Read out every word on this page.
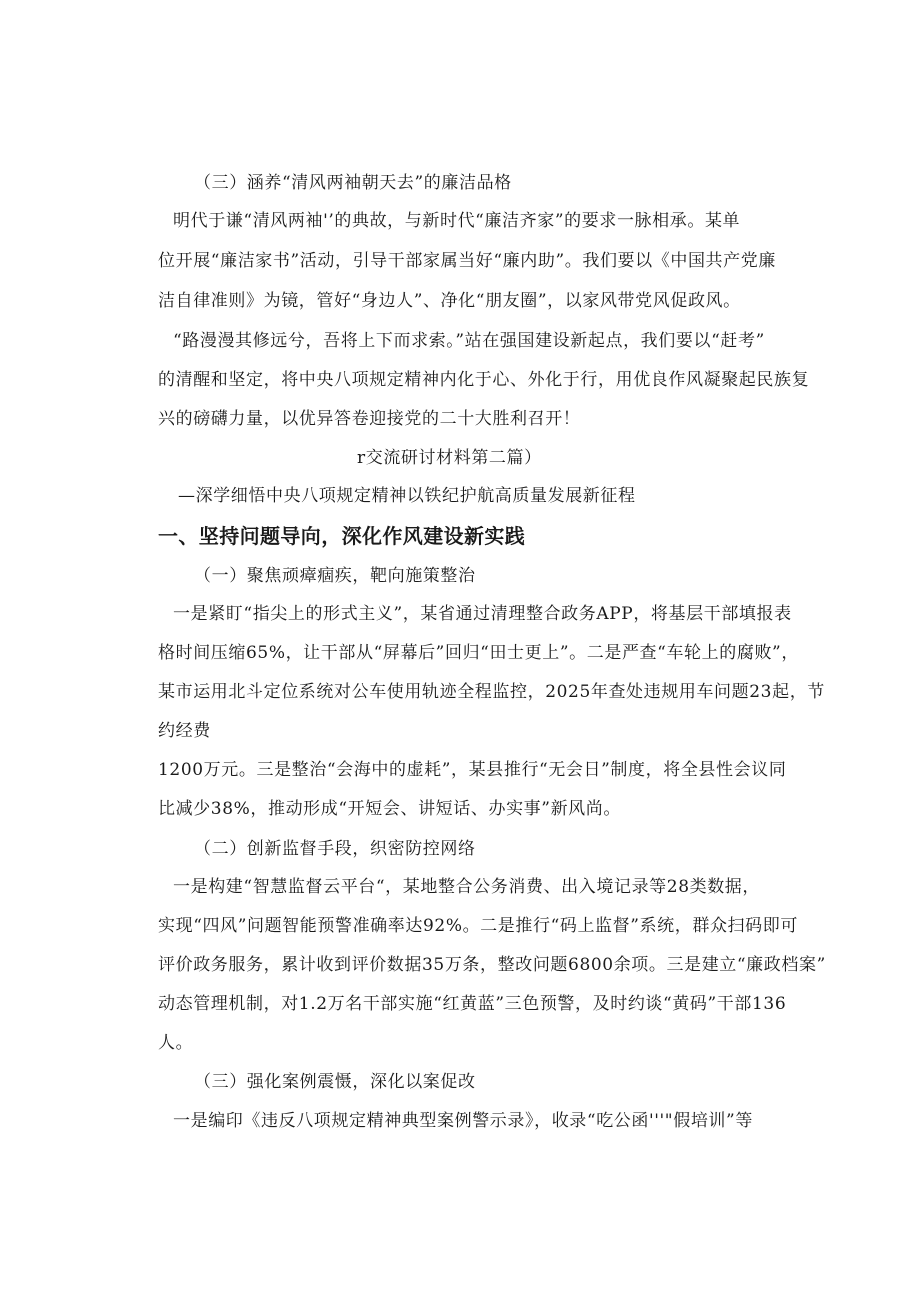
（三）涵养“清风两袖朝天去”的廉洁品格
明代于谦“清风两袖'’的典故，与新时代“廉洁齐家”的要求一脉相承。某单
位开展“廉洁家书”活动，引导干部家属当好“廉内助”。我们要以《中国共产党廉
洁自律准则》为镜，管好“身边人”、净化“朋友圈”，以家风带党风促政风。
“路漫漫其修远兮，吾将上下而求索。”站在强国建设新起点，我们要以“赶考”
的清醒和坚定，将中央八项规定精神内化于心、外化于行，用优良作风凝聚起民族复
兴的磅礴力量，以优异答卷迎接党的二十大胜利召开！
r交流研讨材料第二篇）
—深学细悟中央八项规定精神以铁纪护航高质量发展新征程
一、坚持问题导向，深化作风建设新实践
（一）聚焦顽瘴痼疾，靶向施策整治
一是紧盯“指尖上的形式主义”，某省通过清理整合政务APP，将基层干部填报表
格时间压缩65%，让干部从“屏幕后”回归“田士更上”。二是严查“车轮上的腐败”，
某市运用北斗定位系统对公车使用轨迹全程监控，2025年查处违规用车问题23起，节
约经费
1200万元。三是整治“会海中的虚耗”，某县推行“无会日”制度，将全县性会议同
比减少38%，推动形成“开短会、讲短话、办实事”新风尚。
（二）创新监督手段，织密防控网络
一是构建“智慧监督云平台“，某地整合公务消费、出入境记录等28类数据，
实现“四风”问题智能预警准确率达92%。二是推行“码上监督”系统，群众扫码即可
评价政务服务，累计收到评价数据35万条，整改问题6800余项。三是建立“廉政档案”
动态管理机制，对1.2万名干部实施“红黄蓝”三色预警，及时约谈“黄码”干部136
人。
（三）强化案例震慑，深化以案促改
一是编印《违反八项规定精神典型案例警示录》，收录“吃公函'''"假培训”等
